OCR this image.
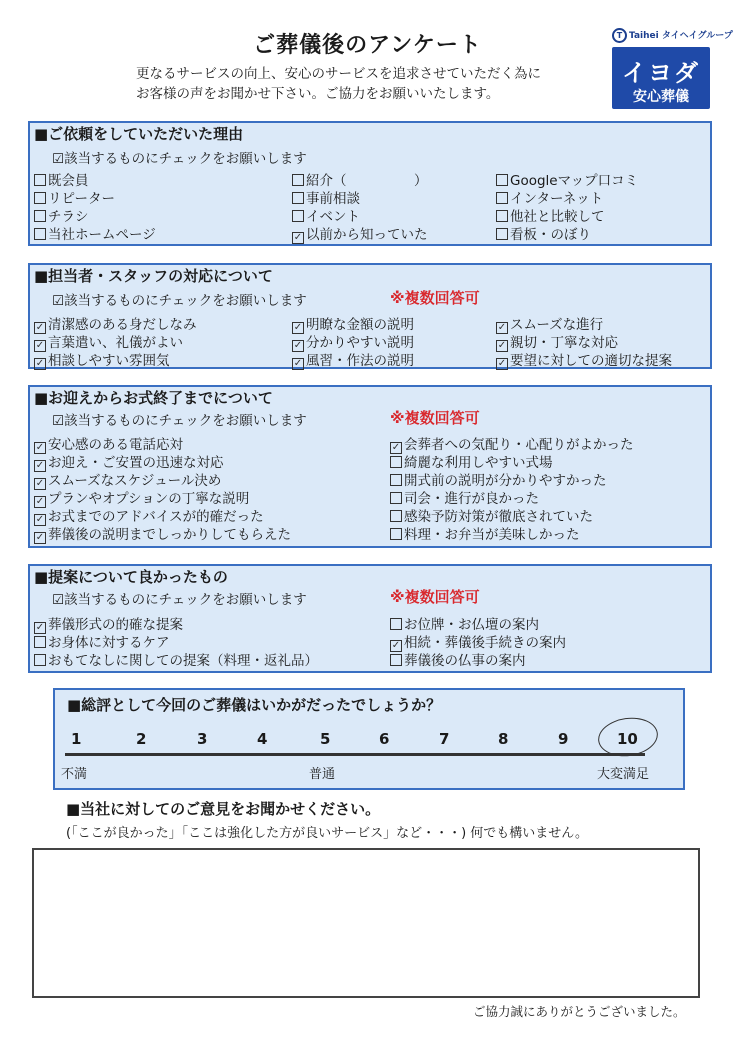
ご葬儀後のアンケート
更なるサービスの向上、安心のサービスを追求させていただく為に
お客様の声をお聞かせ下さい。ご協力をお願いいたします。
T Taihei タイヘイグループ
イヨダ
安心葬儀
■ご依頼をしていただいた理由
☑該当するものにチェックをお願いします
既会員
リピーター
チラシ
当社ホームページ
紹介（　　　　　）
事前相談
イベント
✓ 以前から知っていた
Googleマップ口コミ
インターネット
他社と比較して
看板・のぼり
■担当者・スタッフの対応について
☑該当するものにチェックをお願いします	※複数回答可
✓ 清潔感のある身だしなみ
✓ 言葉遣い、礼儀がよい
✓ 相談しやすい雰囲気
✓ 明瞭な金額の説明
✓ 分かりやすい説明
✓ 風習・作法の説明
✓ スムーズな進行
✓ 親切・丁寧な対応
✓ 要望に対しての適切な提案
■お迎えからお式終了までについて
☑該当するものにチェックをお願いします	※複数回答可
✓ 安心感のある電話応対
✓ お迎え・ご安置の迅速な対応
✓ スムーズなスケジュール決め
✓ プランやオプションの丁寧な説明
✓ お式までのアドバイスが的確だった
✓ 葬儀後の説明までしっかりしてもらえた
✓ 会葬者への気配り・心配りがよかった
綺麗な利用しやすい式場
開式前の説明が分かりやすかった
司会・進行が良かった
感染予防対策が徹底されていた
料理・お弁当が美味しかった
■提案について良かったもの
☑該当するものにチェックをお願いします	※複数回答可
✓ 葬儀形式の的確な提案
お身体に対するケア
おもてなしに関しての提案（料理・返礼品）
お位牌・お仏壇の案内
✓ 相続・葬儀後手続きの案内
葬儀後の仏事の案内
■総評として今回のご葬儀はいかがだったでしょうか？
1	2	3	4	5	6	7	8	9	10
不満	普通	大変満足
■当社に対してのご意見をお聞かせください。
(「ここが良かった」「ここは強化した方が良いサービス」など・・・) 何でも構いません。
ご協力誠にありがとうございました。
